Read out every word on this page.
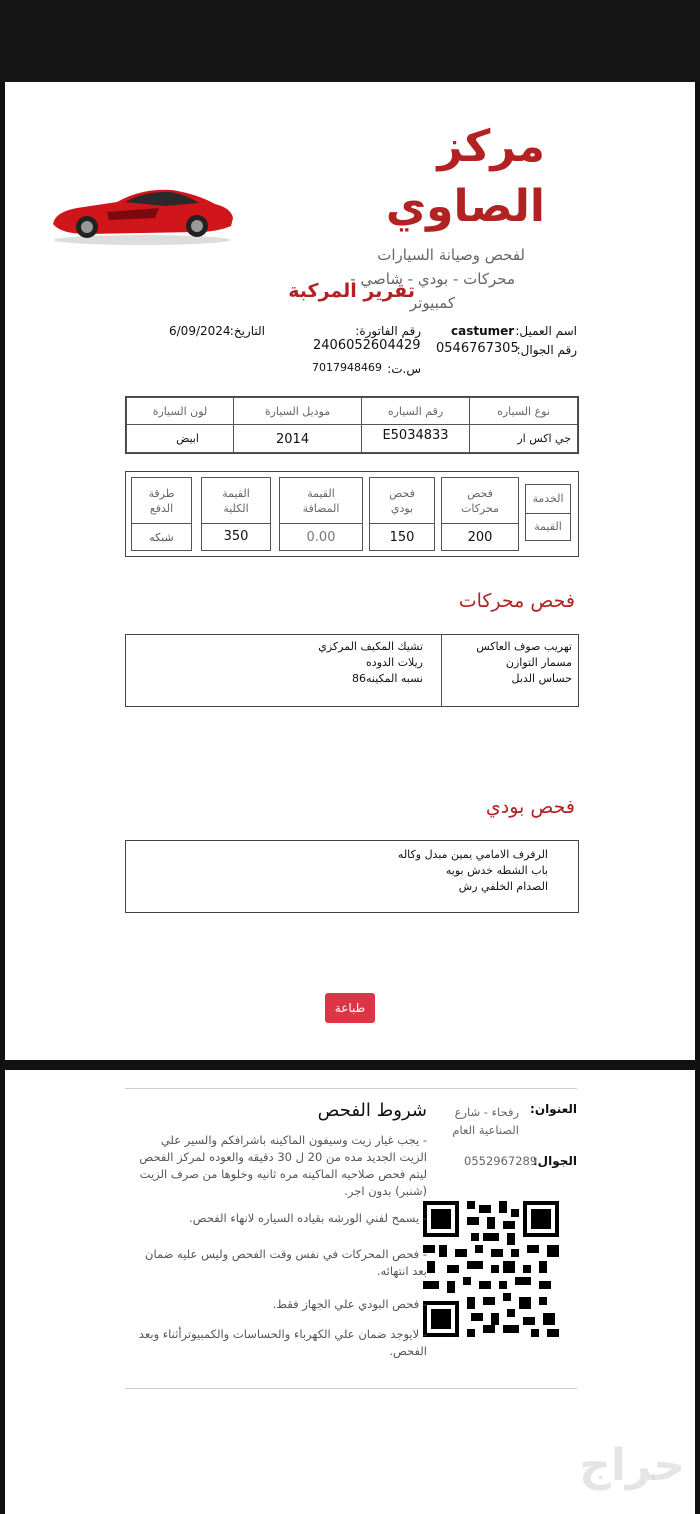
مركز
الصاوي
لفحص وصيانة السيارات
محركات - بودي - شاصي -
كمبيوتر
تقرير المركبة
اسم العميل:
castumer
رقم الجوال:
0546767305
رقم الفاتورة:
2406052604429
س.ت:
7017948469
التاريخ:
6/09/2024
نوع السياره
رقم السياره
موديل السيارة
لون السيارة
جي اكس ار
E5034833
2014
ابيض
الخدمة
القيمة
فحص محركات
200
فحص بودي
150
القيمة المضافة
0.00
القيمة الكلية
350
طرقة الدفع
شبكه
فحص محركات
تهريب صوف العاكس
مسمار التوازن
حساس الدبل
تشيك المكيف المركزي
ريلات الدوده
نسبه المكينه86
فحص بودي
الرفرف الامامي يمين مبدل وكاله
باب الشطه خدش بويه
الصدام الخلفي رش
طباعة
العنوان:
رفحاء - شارع الصناعية العام
الجوال:
0552967289
شروط الفحص
- يجب غيار زيت وسيفون الماكينه باشرافكم والسير علي الزيت الجديد مده من 20 ل 30 دقيقه والعوده لمركز الفحص ليتم فحص صلاحيه الماكينه مره ثانيه وخلوها من صرف الزيت (شنبر) بدون اجر.
- يسمح لفني الورشه بقياده السياره لانهاء الفحص.
- فحص المحركات في نفس وقت الفحص وليس عليه ضمان بعد انتهائه.
- فحص البودي علي الجهاز فقط.
- لايوجد ضمان علي الكهرباء والحساسات والكمبيوترأثناء وبعد الفحص.
حراج
